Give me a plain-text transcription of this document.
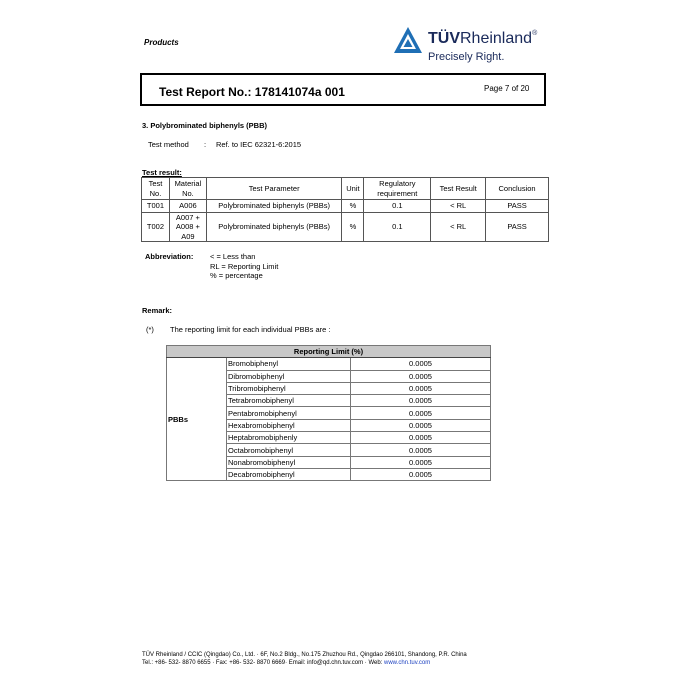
Products	TÜVRheinland®
Precisely Right.
Test Report No.: 178141074a 001	Page 7 of 20
3. Polybrominated biphenyls (PBB)
Test method : Ref. to IEC 62321-6:2015
Test result:
Test No.	Material No.	Test Parameter	Unit	Regulatory requirement	Test Result	Conclusion
T001	A006	Polybrominated biphenyls (PBBs)	%	0.1	< RL	PASS
T002	A007 + A008 + A09	Polybrominated biphenyls (PBBs)	%	0.1	< RL	PASS
Abbreviation: < = Less than
RL = Reporting Limit
% = percentage
Remark:
(*) The reporting limit for each individual PBBs are :
Reporting Limit (%)		
PBBs	Bromobiphenyl	0.0005
	Dibromobiphenyl	0.0005
	Tribromobiphenyl	0.0005
	Tetrabromobiphenyl	0.0005
	Pentabromobiphenyl	0.0005
	Hexabromobiphenyl	0.0005
	Heptabromobiphenly	0.0005
	Octabromobiphenyl	0.0005
	Nonabromobiphenyl	0.0005
	Decabromobiphenyl	0.0005
TÜV Rheinland / CCIC (Qingdao) Co., Ltd. · 6F, No.2 Bldg., No.175 Zhuzhou Rd., Qingdao 266101, Shandong, P.R. China
Tel.: +86- 532- 8870 6655 · Fax: +86- 532- 8870 6669· Email: info@qd.chn.tuv.com · Web: www.chn.tuv.com
